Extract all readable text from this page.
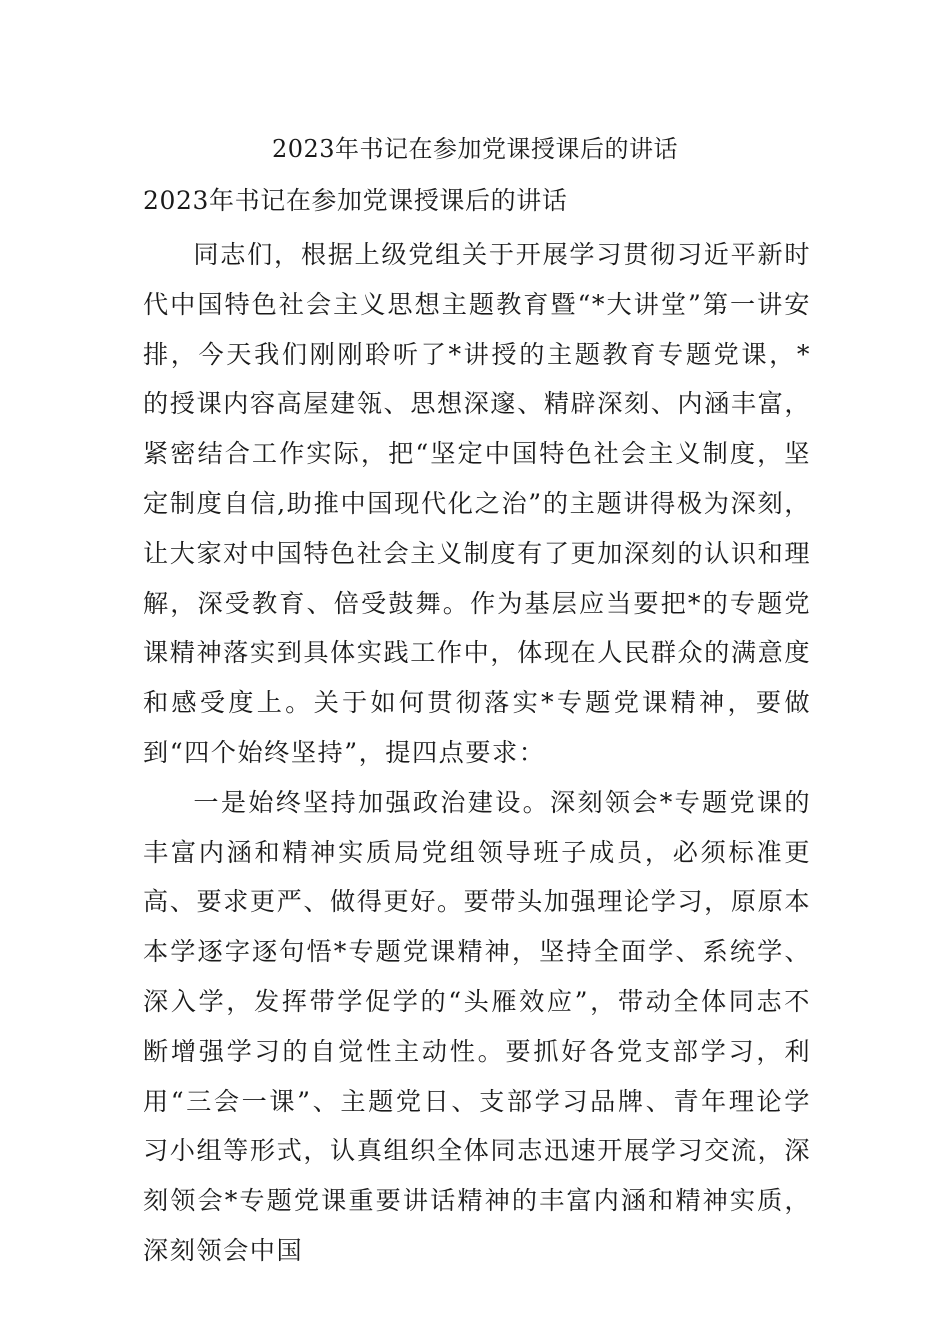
2023年书记在参加党课授课后的讲话
2023年书记在参加党课授课后的讲话

同志们，根据上级党组关于开展学习贯彻习近平新时代中国特色社会主义思想主题教育暨“*大讲堂”第一讲安排，今天我们刚刚聆听了*讲授的主题教育专题党课，*的授课内容高屋建瓴、思想深邃、精辟深刻、内涵丰富，紧密结合工作实际，把“坚定中国特色社会主义制度，坚定制度自信,助推中国现代化之治”的主题讲得极为深刻，让大家对中国特色社会主义制度有了更加深刻的认识和理解，深受教育、倍受鼓舞。作为基层应当要把*的专题党课精神落实到具体实践工作中，体现在人民群众的满意度和感受度上。关于如何贯彻落实*专题党课精神，要做到“四个始终坚持”，提四点要求：

一是始终坚持加强政治建设。深刻领会*专题党课的丰富内涵和精神实质局党组领导班子成员，必须标准更高、要求更严、做得更好。要带头加强理论学习，原原本本学逐字逐句悟*专题党课精神，坚持全面学、系统学、深入学，发挥带学促学的“头雁效应”，带动全体同志不断增强学习的自觉性主动性。要抓好各党支部学习，利用“三会一课”、主题党日、支部学习品牌、青年理论学习小组等形式，认真组织全体同志迅速开展学习交流，深刻领会*专题党课重要讲话精神的丰富内涵和精神实质，深刻领会中国
